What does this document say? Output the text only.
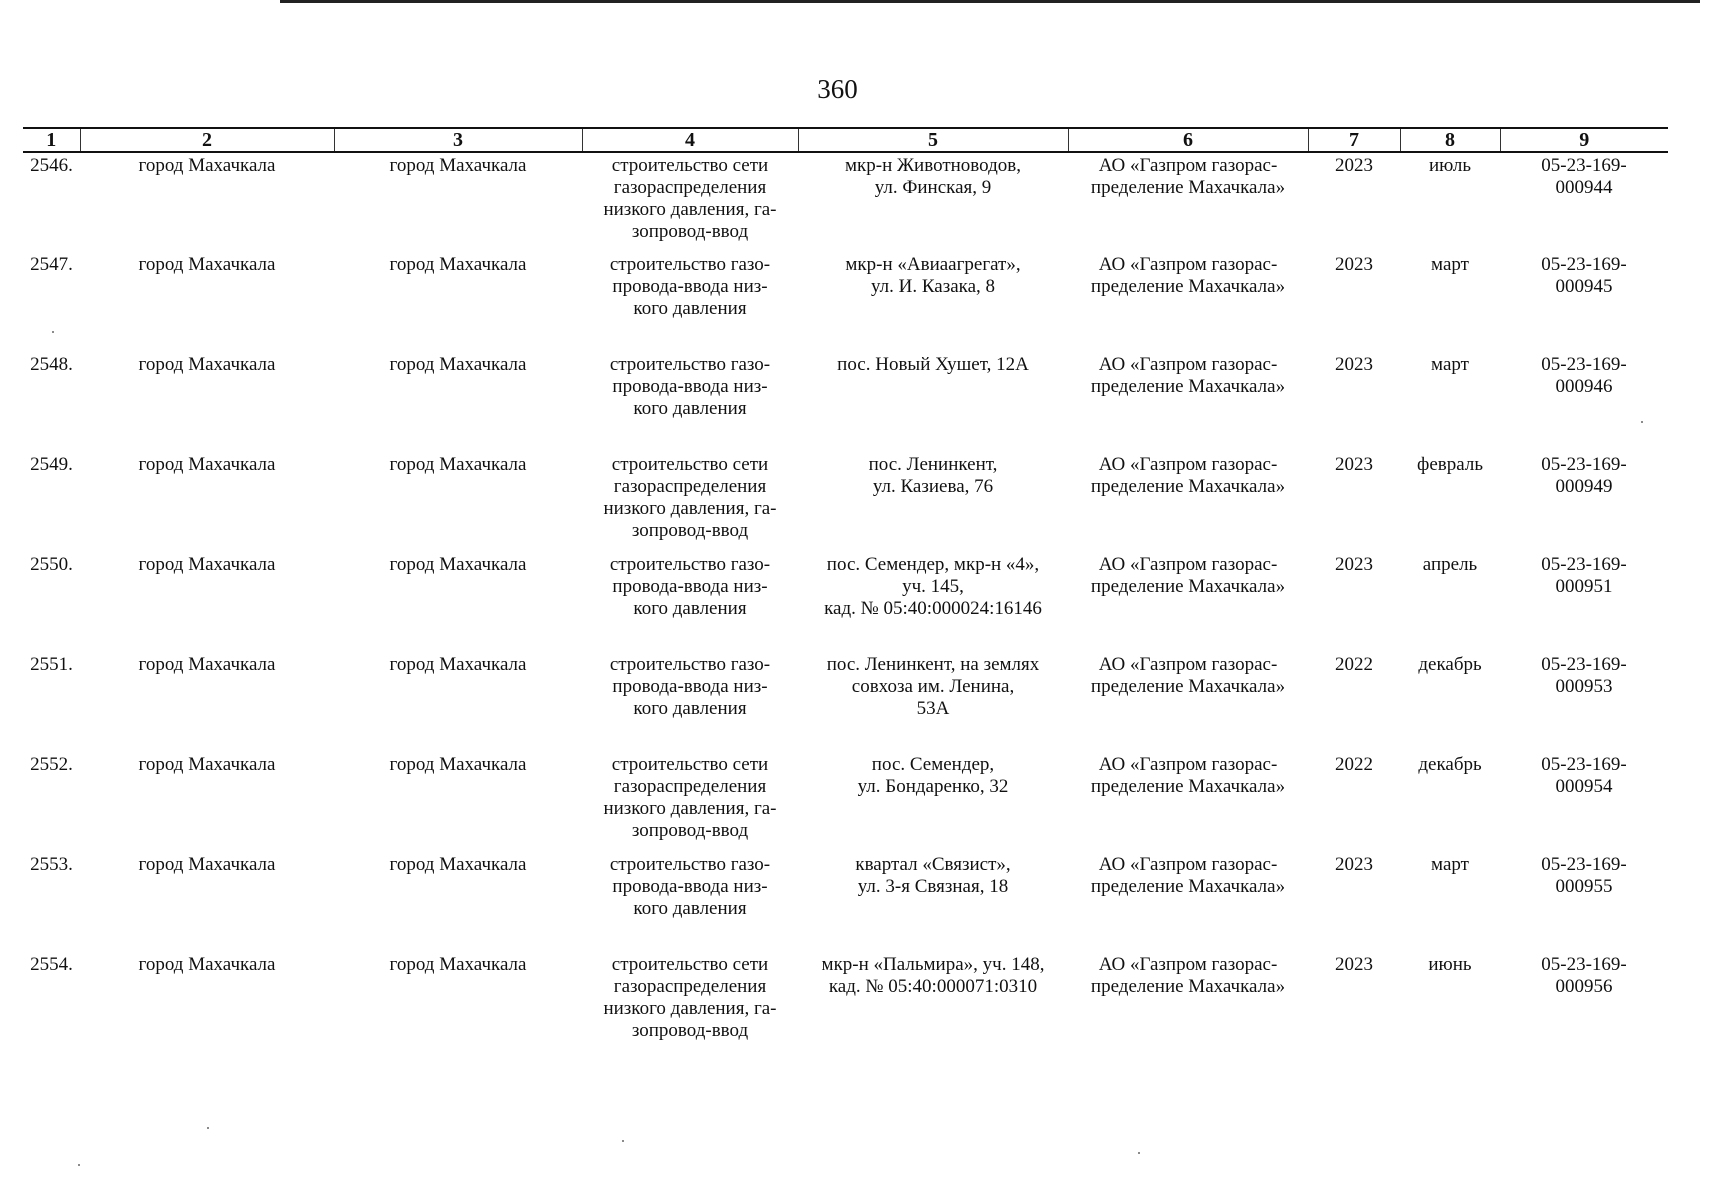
360
1	2	3	4	5	6	7	8	9
2546.	город Махачкала	город Махачкала	строительство сети
газораспределения
низкого давления, га-
зопровод-ввод	мкр-н Животноводов,
ул. Финская, 9	АО «Газпром газорас-
пределение Махачкала»	2023	июль	05-23-169-
000944
2547.	город Махачкала	город Махачкала	строительство газо-
провода-ввода низ-
кого давления	мкр-н «Авиаагрегат»,
ул. И. Казака, 8	АО «Газпром газорас-
пределение Махачкала»	2023	март	05-23-169-
000945
2548.	город Махачкала	город Махачкала	строительство газо-
провода-ввода низ-
кого давления	пос. Новый Хушет, 12А	АО «Газпром газорас-
пределение Махачкала»	2023	март	05-23-169-
000946
2549.	город Махачкала	город Махачкала	строительство сети
газораспределения
низкого давления, га-
зопровод-ввод	пос. Ленинкент,
ул. Казиева, 76	АО «Газпром газорас-
пределение Махачкала»	2023	февраль	05-23-169-
000949
2550.	город Махачкала	город Махачкала	строительство газо-
провода-ввода низ-
кого давления	пос. Семендер, мкр-н «4»,
уч. 145,
кад. № 05:40:000024:16146	АО «Газпром газорас-
пределение Махачкала»	2023	апрель	05-23-169-
000951
2551.	город Махачкала	город Махачкала	строительство газо-
провода-ввода низ-
кого давления	пос. Ленинкент, на землях
совхоза им. Ленина,
53А	АО «Газпром газорас-
пределение Махачкала»	2022	декабрь	05-23-169-
000953
2552.	город Махачкала	город Махачкала	строительство сети
газораспределения
низкого давления, га-
зопровод-ввод	пос. Семендер,
ул. Бондаренко, 32	АО «Газпром газорас-
пределение Махачкала»	2022	декабрь	05-23-169-
000954
2553.	город Махачкала	город Махачкала	строительство газо-
провода-ввода низ-
кого давления	квартал «Связист»,
ул. 3-я Связная, 18	АО «Газпром газорас-
пределение Махачкала»	2023	март	05-23-169-
000955
2554.	город Махачкала	город Махачкала	строительство сети
газораспределения
низкого давления, га-
зопровод-ввод	мкр-н «Пальмира», уч. 148,
кад. № 05:40:000071:0310	АО «Газпром газорас-
пределение Махачкала»	2023	июнь	05-23-169-
000956
